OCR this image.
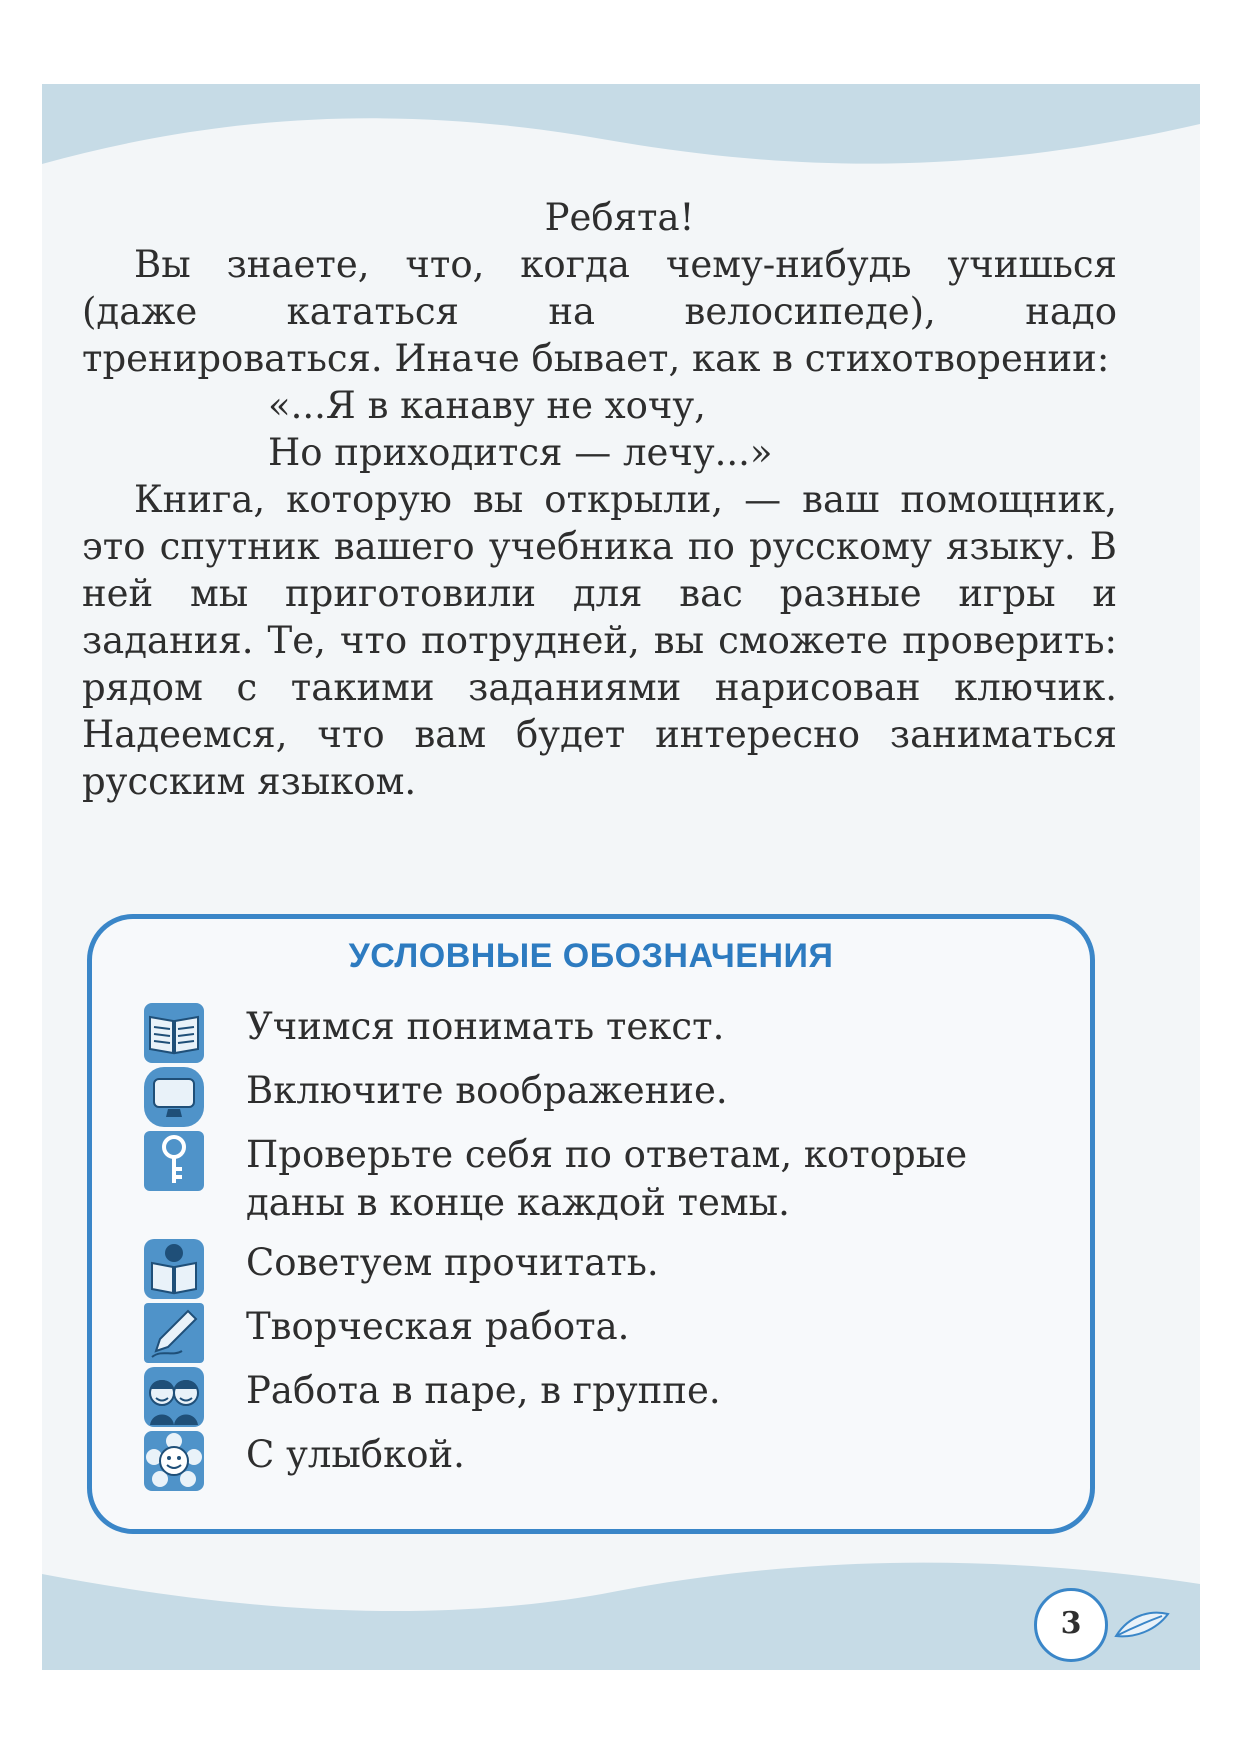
Ребята!

Вы знаете, что, когда чему-нибудь учишься (даже кататься на велосипеде), надо тренироваться. Иначе бывает, как в стихотворении:

«...Я в канаву не хочу,
Но приходится — лечу...»

Книга, которую вы открыли, — ваш помощник, это спутник вашего учебника по русскому языку. В ней мы приготовили для вас разные игры и задания. Те, что потрудней, вы сможете проверить: рядом с такими заданиями нарисован ключик. Надеемся, что вам будет интересно заниматься русским языком.

УСЛОВНЫЕ ОБОЗНАЧЕНИЯ
Учимся понимать текст.
Включите воображение.
Проверьте себя по ответам, которые даны в конце каждой темы.
Советуем прочитать.
Творческая работа.
Работа в паре, в группе.
С улыбкой.
3
